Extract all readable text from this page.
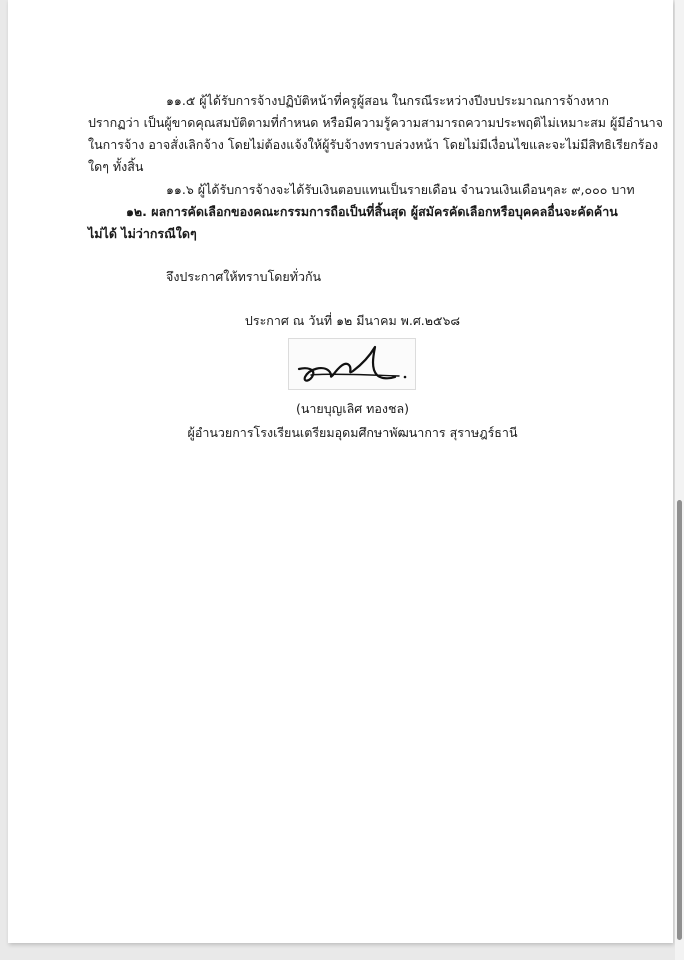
๑๑.๕ ผู้ได้รับการจ้างปฏิบัติหน้าที่ครูผู้สอน ในกรณีระหว่างปีงบประมาณการจ้างหาก
ปรากฏว่า เป็นผู้ขาดคุณสมบัติตามที่กำหนด หรือมีความรู้ความสามารถความประพฤติไม่เหมาะสม ผู้มีอำนาจ
ในการจ้าง อาจสั่งเลิกจ้าง โดยไม่ต้องแจ้งให้ผู้รับจ้างทราบล่วงหน้า โดยไม่มีเงื่อนไขและจะไม่มีสิทธิเรียกร้อง
ใดๆ ทั้งสิ้น
๑๑.๖ ผู้ได้รับการจ้างจะได้รับเงินตอบแทนเป็นรายเดือน จำนวนเงินเดือนๆละ ๙,๐๐๐ บาท
๑๒. ผลการคัดเลือกของคณะกรรมการถือเป็นที่สิ้นสุด ผู้สมัครคัดเลือกหรือบุคคลอื่นจะคัดค้าน
ไม่ได้ ไม่ว่ากรณีใดๆ
จึงประกาศให้ทราบโดยทั่วกัน
ประกาศ ณ วันที่ ๑๒ มีนาคม พ.ศ.๒๕๖๘
(นายบุญเลิศ ทองชล)
ผู้อำนวยการโรงเรียนเตรียมอุดมศึกษาพัฒนาการ สุราษฎร์ธานี
